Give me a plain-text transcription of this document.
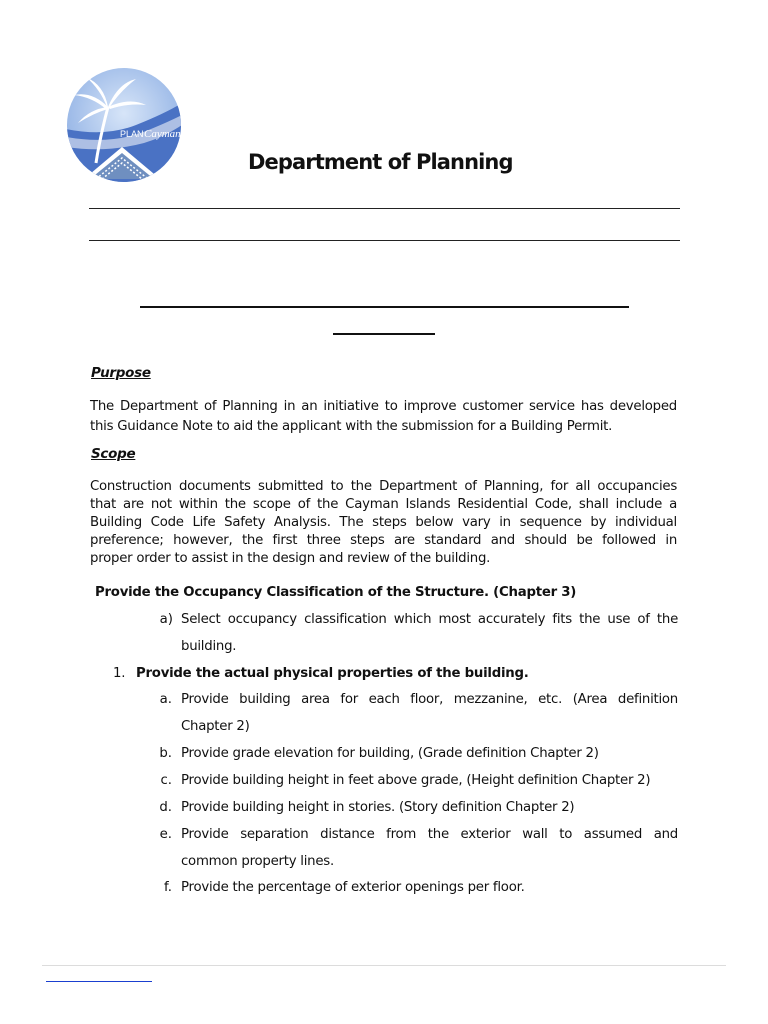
PLAN Cayman
Department of Planning
Purpose
The Department of Planning in an initiative to improve customer service has developed
this Guidance Note to aid the applicant with the submission for a Building Permit.
Scope
Construction documents submitted to the Department of Planning, for all occupancies
that are not within the scope of the Cayman Islands Residential Code, shall include a
Building Code Life Safety Analysis. The steps below vary in sequence by individual
preference; however, the first three steps are standard and should be followed in
proper order to assist in the design and review of the building.
Provide the Occupancy Classification of the Structure. (Chapter 3)
a) Select occupancy classification which most accurately fits the use of the
building.
1. Provide the actual physical properties of the building.
a. Provide building area for each floor, mezzanine, etc. (Area definition
Chapter 2)
b. Provide grade elevation for building, (Grade definition Chapter 2)
c. Provide building height in feet above grade, (Height definition Chapter 2)
d. Provide building height in stories. (Story definition Chapter 2)
e. Provide separation distance from the exterior wall to assumed and
common property lines.
f. Provide the percentage of exterior openings per floor.
